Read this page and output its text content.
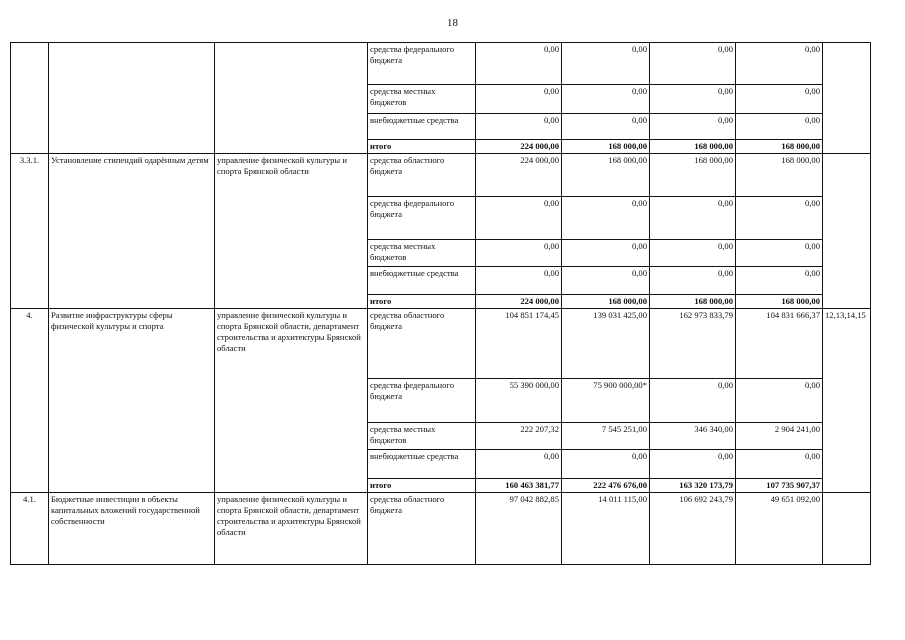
18
			средства федерального бюджета	0,00	0,00	0,00	0,00	
			средства местных бюджетов	0,00	0,00	0,00	0,00	
			внебюджетные средства	0,00	0,00	0,00	0,00	
			итого	224 000,00	168 000,00	168 000,00	168 000,00	
3.3.1.	Установление стипендий одарённым детям	управление физической культуры и спорта Брянской области	средства областного бюджета	224 000,00	168 000,00	168 000,00	168 000,00	
			средства федерального бюджета	0,00	0,00	0,00	0,00	
			средства местных бюджетов	0,00	0,00	0,00	0,00	
			внебюджетные средства	0,00	0,00	0,00	0,00	
			итого	224 000,00	168 000,00	168 000,00	168 000,00	
4.	Развитие инфраструктуры сферы физической культуры и спорта	управление физической культуры и спорта Брянской области, департамент строительства и архитектуры Брянской области	средства областного бюджета	104 851 174,45	139 031 425,00	162 973 833,79	104 831 666,37	12,13,14,15
			средства федерального бюджета	55 390 000,00	75 900 000,00*	0,00	0,00	
			средства местных бюджетов	222 207,32	7 545 251,00	346 340,00	2 904 241,00	
			внебюджетные средства	0,00	0,00	0,00	0,00	
			итого	160 463 381,77	222 476 676,00	163 320 173,79	107 735 907,37	
4.1.	Бюджетные инвестиции в объекты капитальных вложений государственной собственности	управление физической культуры и спорта Брянской области, департамент строительства и архитектуры Брянской области	средства областного бюджета	97 042 882,85	14 011 115,00	106 692 243,79	49 651 092,00	
